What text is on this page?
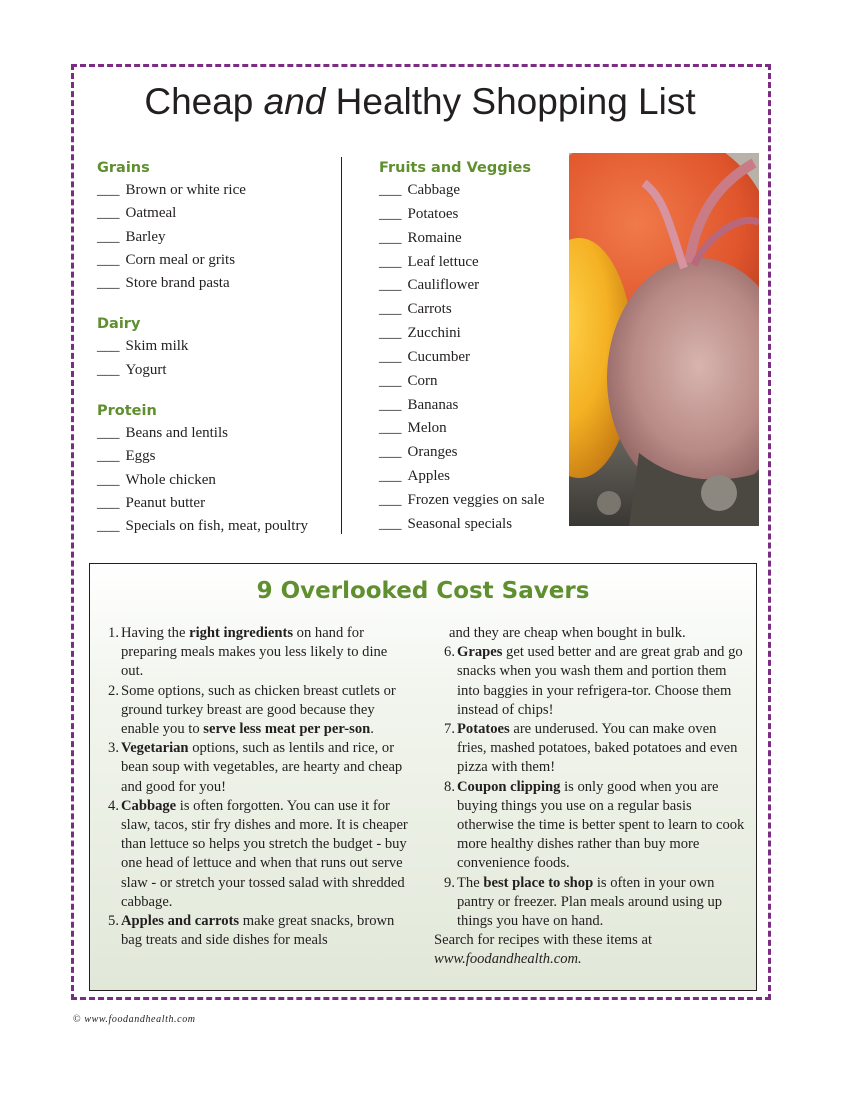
Cheap and Healthy Shopping List
Grains
___ Brown or white rice
___ Oatmeal
___ Barley
___ Corn meal or grits
___ Store brand pasta
Dairy
___ Skim milk
___ Yogurt
Protein
___ Beans and lentils
___ Eggs
___ Whole chicken
___ Peanut butter
___ Specials on fish, meat, poultry
Fruits and Veggies
___ Cabbage
___ Potatoes
___ Romaine
___ Leaf lettuce
___ Cauliflower
___ Carrots
___ Zucchini
___ Cucumber
___ Corn
___ Bananas
___ Melon
___ Oranges
___ Apples
___ Frozen veggies on sale
___ Seasonal specials
9 Overlooked Cost Savers
1. Having the right ingredients on hand for preparing meals makes you less likely to dine out.
2. Some options, such as chicken breast cutlets or ground turkey breast are good because they enable you to serve less meat per per-son.
3. Vegetarian options, such as lentils and rice, or bean soup with vegetables, are hearty and cheap and good for you!
4. Cabbage is often forgotten. You can use it for slaw, tacos, stir fry dishes and more. It is cheaper than lettuce so helps you stretch the budget - buy one head of lettuce and when that runs out serve slaw - or stretch your tossed salad with shredded cabbage.
5. Apples and carrots make great snacks, brown bag treats and side dishes for meals
and they are cheap when bought in bulk.
6. Grapes get used better and are great grab and go snacks when you wash them and portion them into baggies in your refrigera-tor. Choose them instead of chips!
7. Potatoes are underused. You can make oven fries, mashed potatoes, baked potatoes and even pizza with them!
8. Coupon clipping is only good when you are buying things you use on a regular basis otherwise the time is better spent to learn to cook more healthy dishes rather than buy more convenience foods.
9. The best place to shop is often in your own pantry or freezer. Plan meals around using up things you have on hand.
Search for recipes with these items at
www.foodandhealth.com.
© www.foodandhealth.com
